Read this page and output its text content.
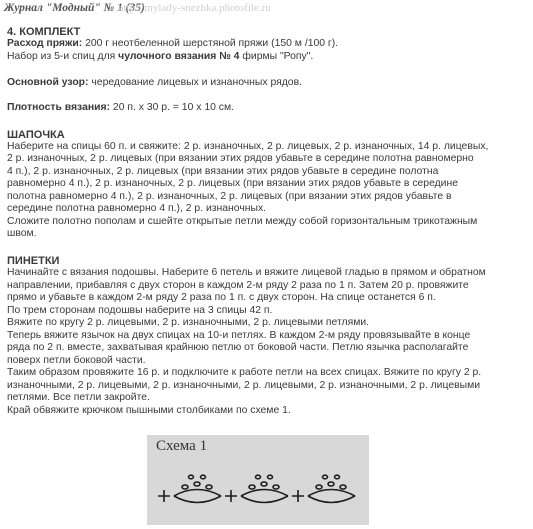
Журнал "Модный" № 1 (35)
http://mylady-snezhka.photofile.ru
4. КОМПЛЕКТ
Расход пряжи: 200 г неотбеленной шерстяной пряжи (150 м /100 г).
Набор из 5-и спиц для чулочного вязания № 4 фирмы "Ропу".
Основной узор: чередование лицевых и изнаночных рядов.
Плотность вязания: 20 п. х 30 р. = 10 х 10 см.
ШАПОЧКА
Наберите на спицы 60 п. и свяжите: 2 р. изнаночных, 2 р. лицевых, 2 р. изнаночных, 14 р. лицевых,
2 р. изнаночных, 2 р. лицевых (при вязании этих рядов убавьте в середине полотна равномерно
4 п.), 2 р. изнаночных, 2 р. лицевых (при вязании этих рядов убавьте в середине полотна
равномерно 4 п.), 2 р. изнаночных, 2 р. лицевых (при вязании этих рядов убавьте в середине
полотна равномерно 4 п.), 2 р. изнаночных, 2 р. лицевых (при вязании этих рядов убавьте в
середине полотна равномерно 4 п.), 2 р. изнаночных.
Сложите полотно пополам и сшейте открытые петли между собой горизонтальным трикотажным
швом.
ПИНЕТКИ
Начинайте с вязания подошвы. Наберите 6 петель и вяжите лицевой гладью в прямом и обратном
направлении, прибавляя с двух сторон в каждом 2-м ряду 2 раза по 1 п. Затем 20 р. провяжите
прямо и убавьте в каждом 2-м ряду 2 раза по 1 п. с двух сторон. На спице останется 6 п.
По трем сторонам подошвы наберите на 3 спицы 42 п.
Вяжите по кругу 2 р. лицевыми, 2 р. изнаночными, 2 р. лицевыми петлями.
Теперь вяжите язычок на двух спицах на 10-и петлях. В каждом 2-м ряду провязывайте в конце
ряда по 2 п. вместе, захватывая крайнюю петлю от боковой части. Петлю язычка располагайте
поверх петли боковой части.
Таким образом провяжите 16 р. и подключите к работе петли на всех спицах. Вяжите по кругу 2 р.
изнаночными, 2 р. лицевыми, 2 р. изнаночными, 2 р. лицевыми, 2 р. изнаночными, 2 р. лицевыми
петлями. Все петли закройте.
Край обвяжите крючком пышными столбиками по схеме 1.
Схема 1
